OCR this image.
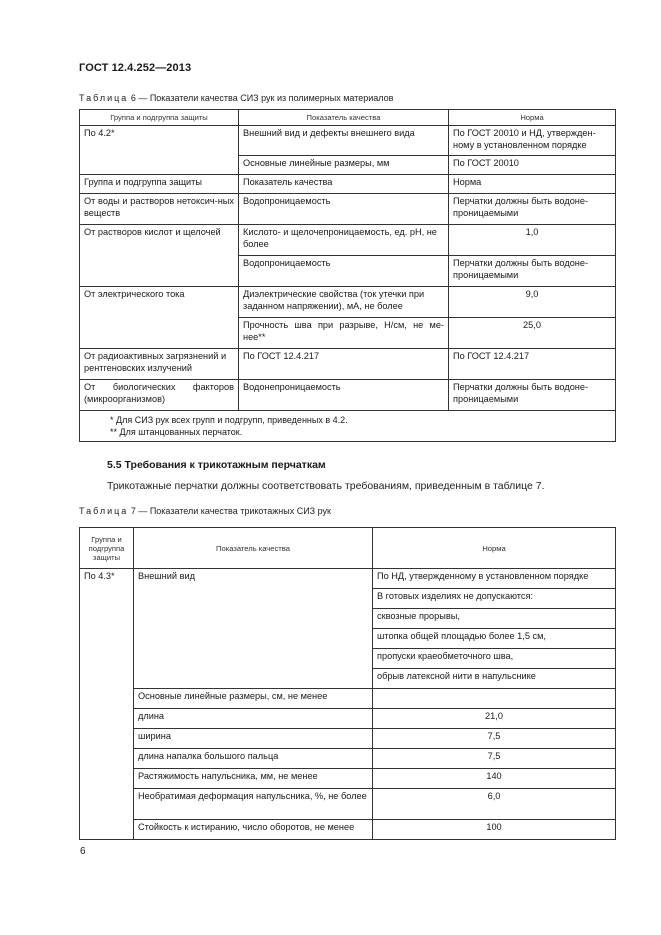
ГОСТ 12.4.252—2013
Таблица 6 — Показатели качества СИЗ рук из полимерных материалов
Группа и подгруппа защиты	Показатель качества	Норма
По 4.2*	Внешний вид и дефекты внешнего вида	По ГОСТ 20010 и НД, утвержден-ному в установленном порядке
	Основные линейные размеры, мм	По ГОСТ 20010
Группа и подгруппа защиты	Показатель качества	Норма
От воды и растворов нетоксич-ных веществ	Водопроницаемость	Перчатки должны быть водоне-проницаемыми
От растворов кислот и щелочей	Кислото- и щелочепроницаемость, ед. pH, не более	1,0
	Водопроницаемость	Перчатки должны быть водоне-проницаемыми
От электрического тока	Диэлектрические свойства (ток утечки при заданном напряжении), мА, не более	9,0
	Прочность шва при разрыве, Н/см, не ме-нее**	25,0
От радиоактивных загрязнений и рентгеновских излучений	По ГОСТ 12.4.217	По ГОСТ 12.4.217
От биологических факторов (микроорганизмов)	Водонепроницаемость	Перчатки должны быть водоне-проницаемыми

* Для СИЗ рук всех групп и подгрупп, приведенных в 4.2.
** Для штанцованных перчаток.		
5.5 Требования к трикотажным перчаткам
Трикотажные перчатки должны соответствовать требованиям, приведенным в таблице 7.
Таблица 7 — Показатели качества трикотажных СИЗ рук
Группа и подгруппа защиты	Показатель качества	Норма
По 4.3*	Внешний вид	По НД, утвержденному в установленном порядке
		В готовых изделиях не допускаются:
		сквозные прорывы,
		штопка общей площадью более 1,5 см,
		пропуски краеобметочного шва,
		обрыв латексной нити в напульснике
	Основные линейные размеры, см, не менее	
	длина	21,0
	ширина	7,5
	длина напалка большого пальца	7,5
	Растяжимость напульсника, мм, не менее	140
	Необратимая деформация напульсника, %, не более	6,0
	Стойкость к истиранию, число оборотов, не менее	100
6
